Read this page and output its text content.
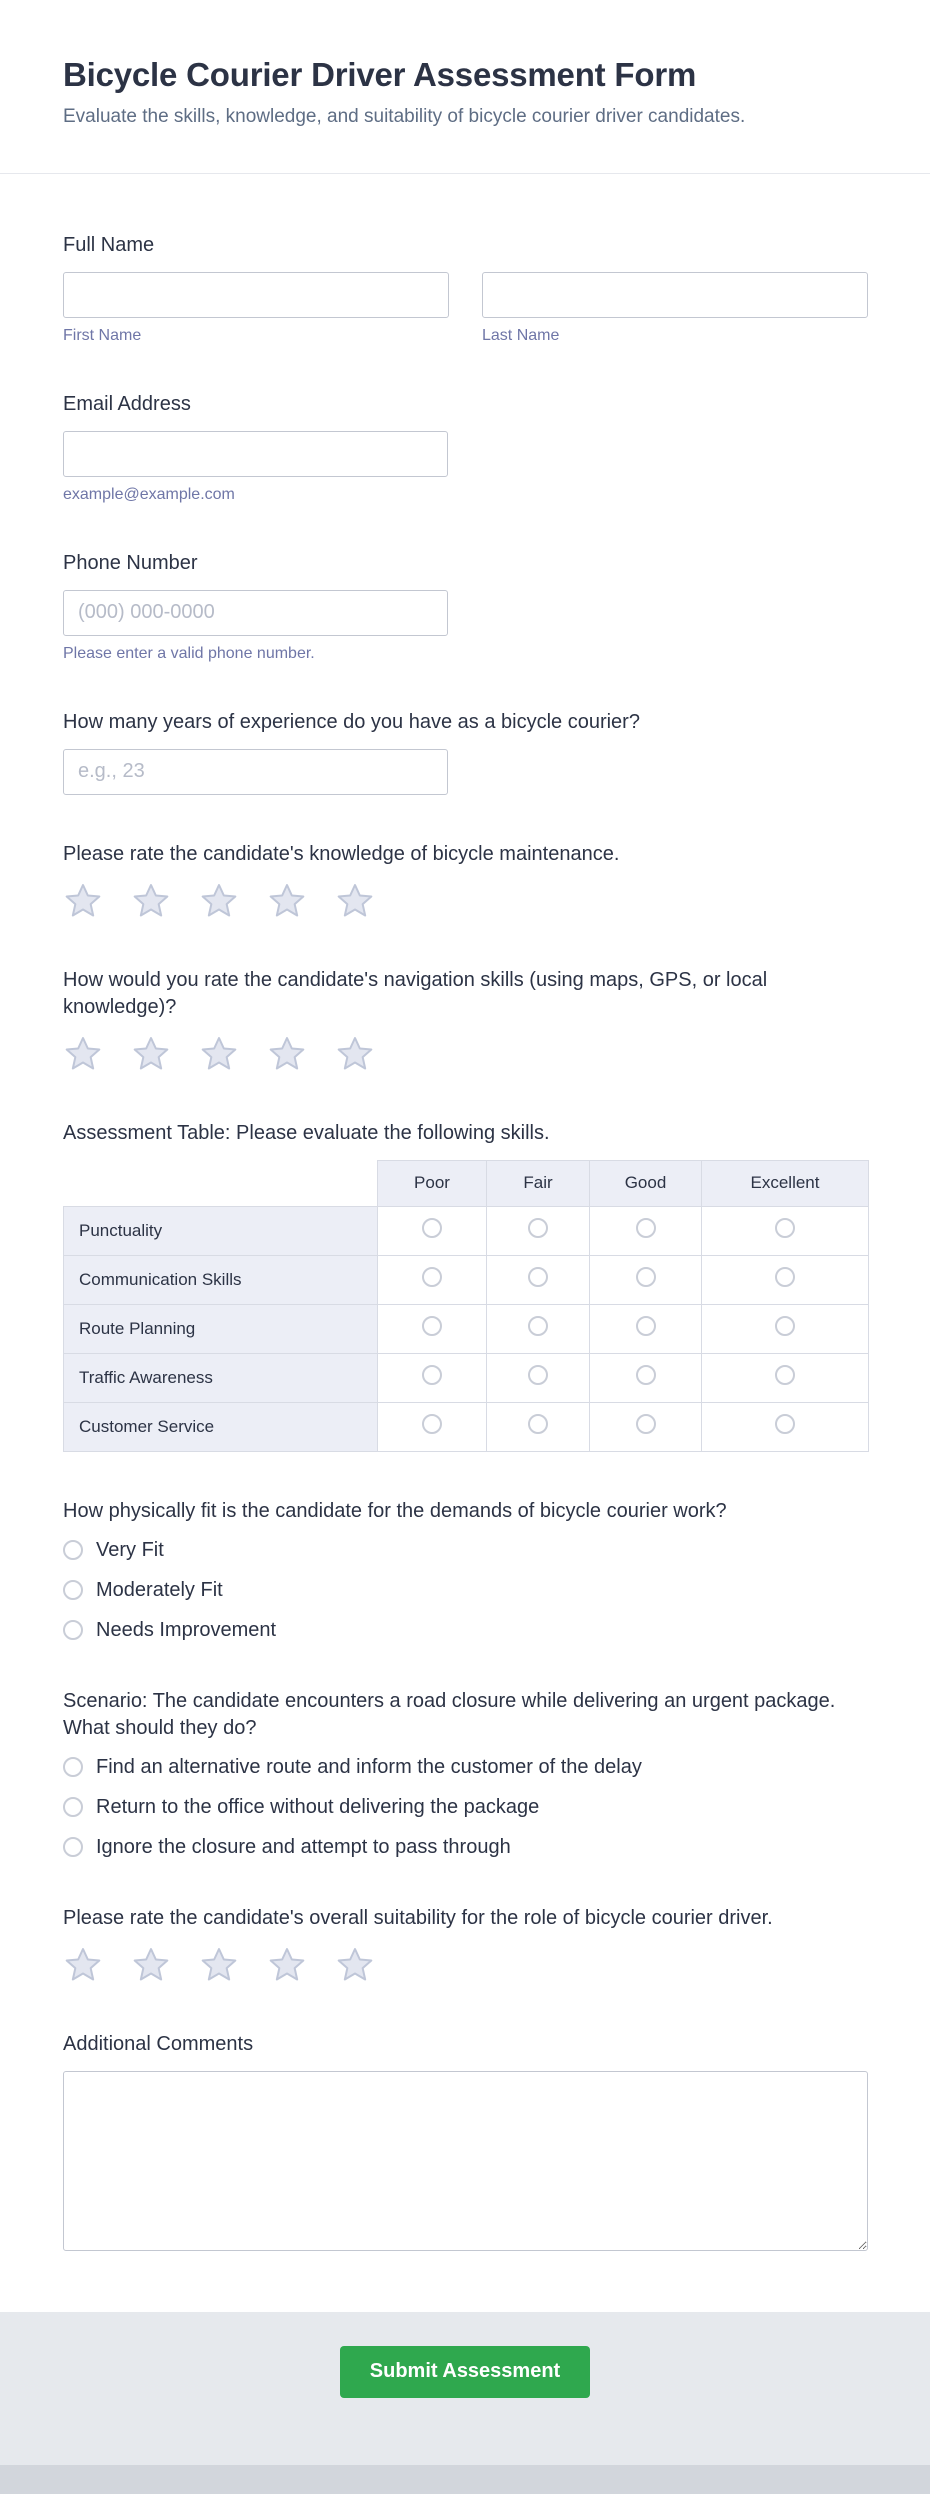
Bicycle Courier Driver Assessment Form

Evaluate the skills, knowledge, and suitability of bicycle courier driver candidates.

Full Name
First Name	Last Name
Email Address
example@example.com
Phone Number
(000) 000-0000
Please enter a valid phone number.
How many years of experience do you have as a bicycle courier?
e.g., 23
Please rate the candidate's knowledge of bicycle maintenance.
How would you rate the candidate's navigation skills (using maps, GPS, or local knowledge)?
Assessment Table: Please evaluate the following skills.
	Poor	Fair	Good	Excellent
Punctuality				
Communication Skills				
Route Planning				
Traffic Awareness				
Customer Service				
How physically fit is the candidate for the demands of bicycle courier work?
Very Fit
Moderately Fit
Needs Improvement
Scenario: The candidate encounters a road closure while delivering an urgent package. What should they do?
Find an alternative route and inform the customer of the delay
Return to the office without delivering the package
Ignore the closure and attempt to pass through
Please rate the candidate's overall suitability for the role of bicycle courier driver.
Additional Comments
Submit Assessment
